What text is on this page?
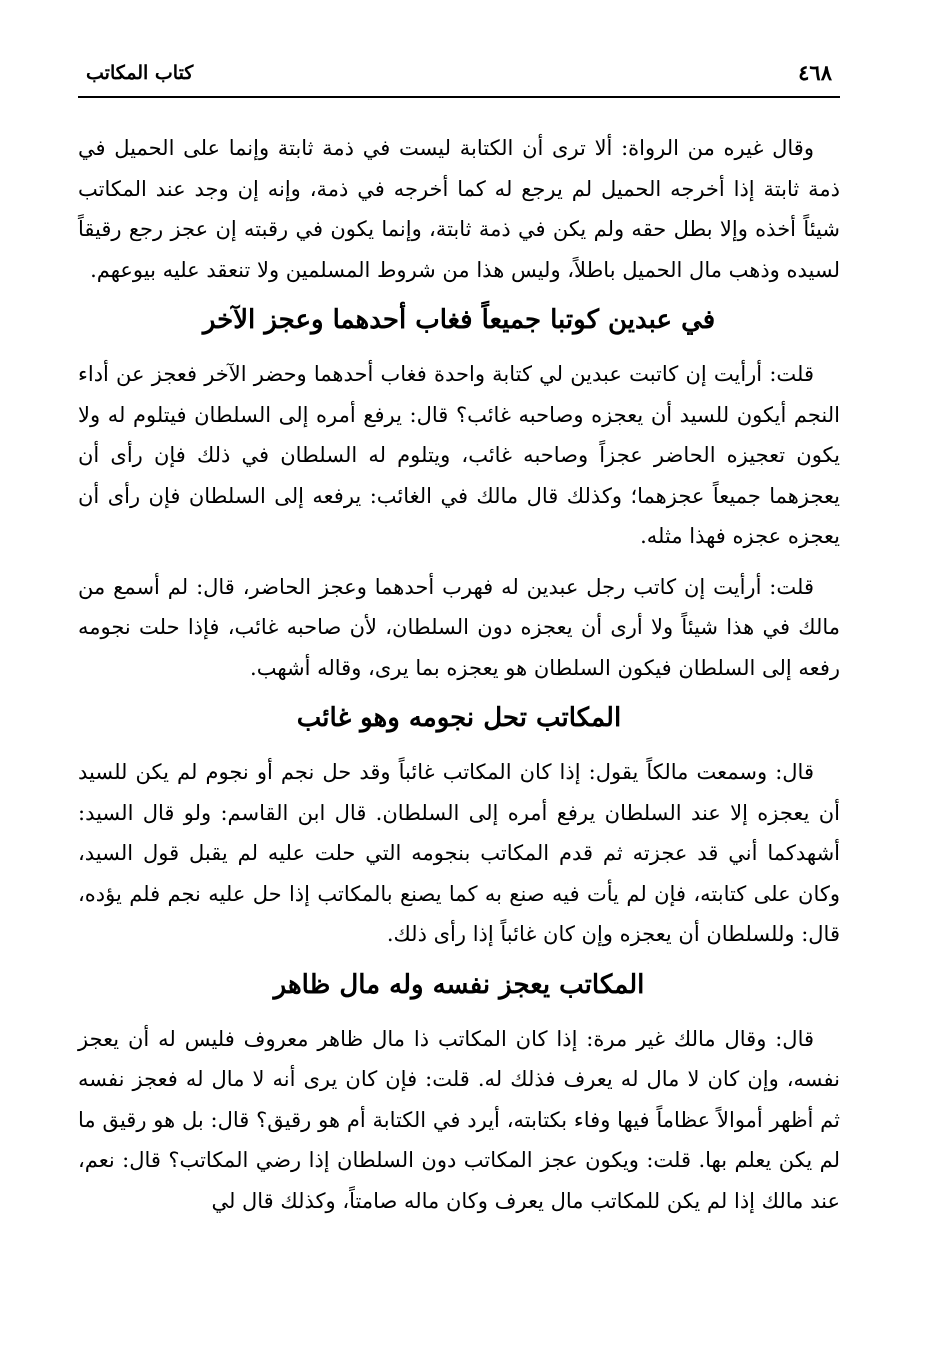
٤٦٨
كتاب المكاتب

وقال غيره من الرواة: ألا ترى أن الكتابة ليست في ذمة ثابتة وإنما على الحميل في ذمة ثابتة إذا أخرجه الحميل لم يرجع له كما أخرجه في ذمة، وإنه إن وجد عند المكاتب شيئاً أخذه وإلا بطل حقه ولم يكن في ذمة ثابتة، وإنما يكون في رقبته إن عجز رجع رقيقاً لسيده وذهب مال الحميل باطلاً، وليس هذا من شروط المسلمين ولا تنعقد عليه بيوعهم.

في عبدين كوتبا جميعاً فغاب أحدهما وعجز الآخر

قلت: أرأيت إن كاتبت عبدين لي كتابة واحدة فغاب أحدهما وحضر الآخر فعجز عن أداء النجم أيكون للسيد أن يعجزه وصاحبه غائب؟ قال: يرفع أمره إلى السلطان فيتلوم له ولا يكون تعجيزه الحاضر عجزاً وصاحبه غائب، ويتلوم له السلطان في ذلك فإن رأى أن يعجزهما جميعاً عجزهما؛ وكذلك قال مالك في الغائب: يرفعه إلى السلطان فإن رأى أن يعجزه عجزه فهذا مثله.

قلت: أرأيت إن كاتب رجل عبدين له فهرب أحدهما وعجز الحاضر، قال: لم أسمع من مالك في هذا شيئاً ولا أرى أن يعجزه دون السلطان، لأن صاحبه غائب، فإذا حلت نجومه رفعه إلى السلطان فيكون السلطان هو يعجزه بما يرى، وقاله أشهب.

المكاتب تحل نجومه وهو غائب

قال: وسمعت مالكاً يقول: إذا كان المكاتب غائباً وقد حل نجم أو نجوم لم يكن للسيد أن يعجزه إلا عند السلطان يرفع أمره إلى السلطان. قال ابن القاسم: ولو قال السيد: أشهدكما أني قد عجزته ثم قدم المكاتب بنجومه التي حلت عليه لم يقبل قول السيد، وكان على كتابته، فإن لم يأت فيه صنع به كما يصنع بالمكاتب إذا حل عليه نجم فلم يؤده، قال: وللسلطان أن يعجزه وإن كان غائباً إذا رأى ذلك.

المكاتب يعجز نفسه وله مال ظاهر

قال: وقال مالك غير مرة: إذا كان المكاتب ذا مال ظاهر معروف فليس له أن يعجز نفسه، وإن كان لا مال له يعرف فذلك له. قلت: فإن كان يرى أنه لا مال له فعجز نفسه ثم أظهر أموالاً عظاماً فيها وفاء بكتابته، أيرد في الكتابة أم هو رقيق؟ قال: بل هو رقيق ما لم يكن يعلم بها. قلت: ويكون عجز المكاتب دون السلطان إذا رضي المكاتب؟ قال: نعم، عند مالك إذا لم يكن للمكاتب مال يعرف وكان ماله صامتاً، وكذلك قال لي
